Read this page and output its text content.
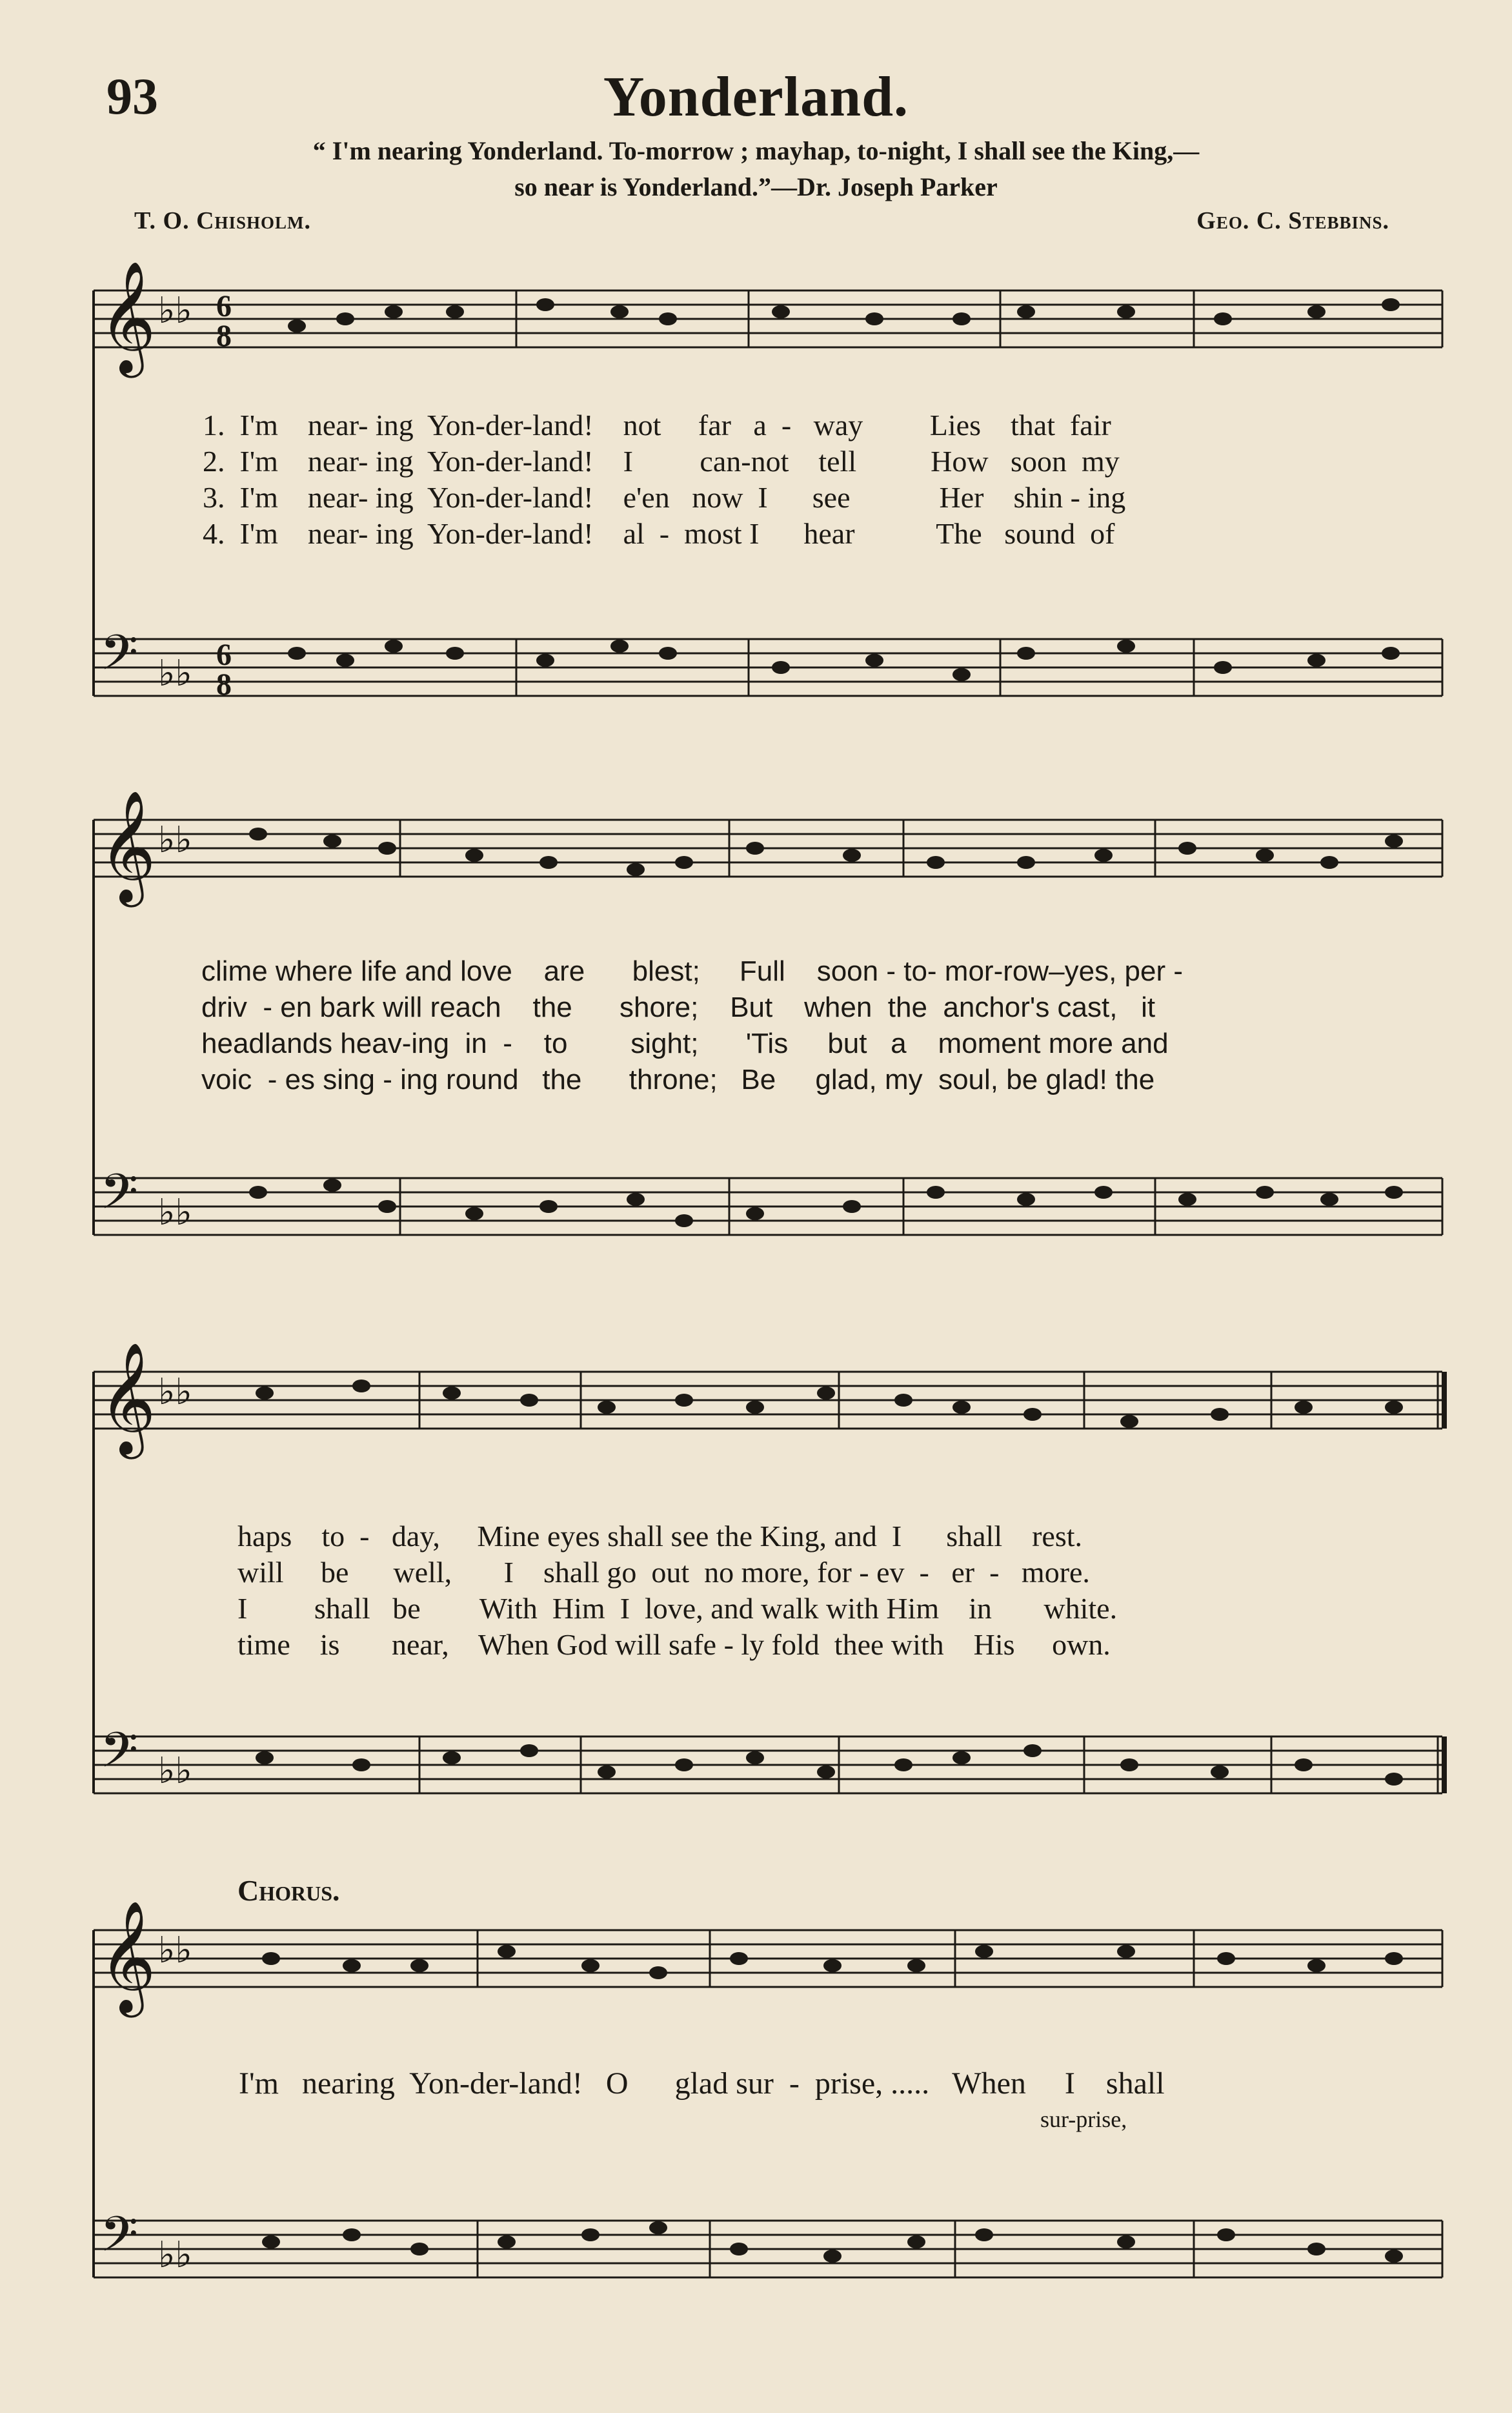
93	Yonderland.
“ I'm nearing Yonderland. To-morrow ; mayhap, to-night, I shall see the King,—
so near is Yonderland.”—Dr. Joseph Parker
T. O. Chisholm.	Geo. C. Stebbins.
𝄞 ♭♭ 6
8
𝄢 ♭♭ 6
8
𝄞 ♭♭
𝄢 ♭♭
𝄞 ♭♭
𝄢 ♭♭
𝄞 ♭♭
𝄢 ♭♭
1.  I'm    near- ing  Yon-der-land!    not     far   a  -   way         Lies    that  fair
2.  I'm    near- ing  Yon-der-land!    I         can-not    tell          How   soon  my
3.  I'm    near- ing  Yon-der-land!    e'en   now  I      see            Her    shin - ing
4.  I'm    near- ing  Yon-der-land!    al  -  most I      hear           The   sound  of
clime where life and love    are      blest;     Full    soon - to- mor-row–yes, per -
driv  - en bark will reach    the      shore;    But    when  the  anchor's cast,   it
headlands heav-ing  in  -    to        sight;      'Tis     but   a    moment more and
voic  - es sing - ing round   the      throne;   Be     glad, my  soul, be glad! the
haps    to  -   day,     Mine eyes shall see the King, and  I      shall    rest.
will     be      well,       I    shall go  out  no more, for - ev  -   er  -   more.
I         shall   be        With  Him  I  love, and walk with Him    in       white.
time    is       near,    When God will safe - ly fold  thee with    His     own.
Chorus.
I'm   nearing  Yon-der-land!   O      glad sur  -  prise, .....   When     I    shall
sur-prise,
